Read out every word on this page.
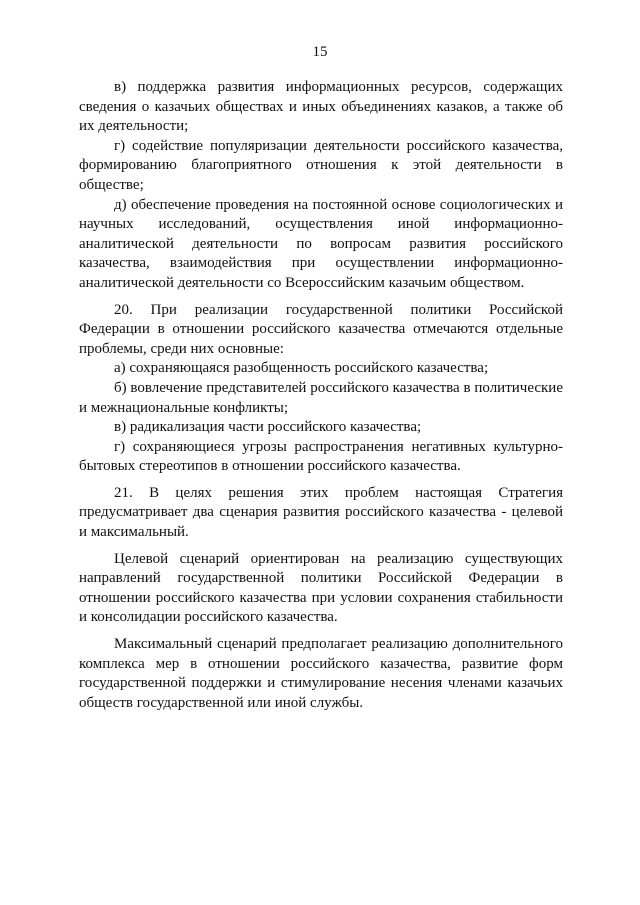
15

в) поддержка развития информационных ресурсов, содержащих сведения о казачьих обществах и иных объединениях казаков, а также об их деятельности;

г) содействие популяризации деятельности российского казачества, формированию благоприятного отношения к этой деятельности в обществе;

д) обеспечение проведения на постоянной основе социологических и научных исследований, осуществления иной информационно-аналитической деятельности по вопросам развития российского казачества, взаимодействия при осуществлении информационно-аналитической деятельности со Всероссийским казачьим обществом.

20. При реализации государственной политики Российской Федерации в отношении российского казачества отмечаются отдельные проблемы, среди них основные:

а) сохраняющаяся разобщенность российского казачества;

б) вовлечение представителей российского казачества в политические и межнациональные конфликты;

в) радикализация части российского казачества;

г) сохраняющиеся угрозы распространения негативных культурно-бытовых стереотипов в отношении российского казачества.

21. В целях решения этих проблем настоящая Стратегия предусматривает два сценария развития российского казачества - целевой и максимальный.

Целевой сценарий ориентирован на реализацию существующих направлений государственной политики Российской Федерации в отношении российского казачества при условии сохранения стабильности и консолидации российского казачества.

Максимальный сценарий предполагает реализацию дополнительного комплекса мер в отношении российского казачества, развитие форм государственной поддержки и стимулирование несения членами казачьих обществ государственной или иной службы.
